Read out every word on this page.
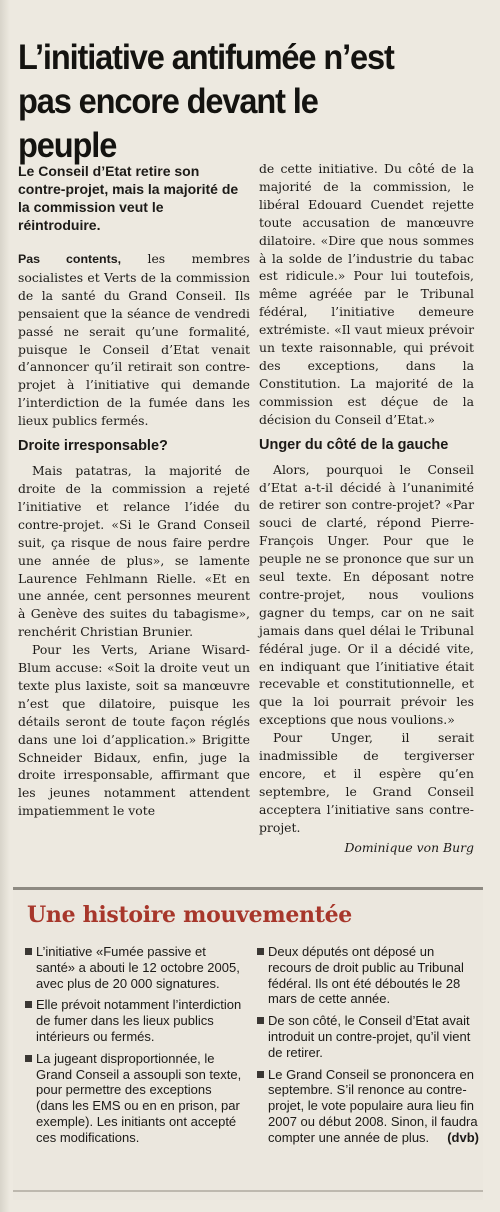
L’initiative antifumée n’est pas encore devant le peuple

Le Conseil d’Etat retire son contre-projet, mais la majorité de la commission veut le réintroduire.

Pas contents, les membres socialistes et Verts de la commission de la santé du Grand Conseil. Ils pensaient que la séance de vendredi passé ne serait qu’une formalité, puisque le Conseil d’Etat venait d’annoncer qu’il retirait son contre-projet à l’initiative qui demande l’interdiction de la fumée dans les lieux publics fermés.

Droite irresponsable?

Mais patatras, la majorité de droite de la commission a rejeté l’initiative et relance l’idée du contre-projet. «Si le Grand Conseil suit, ça risque de nous faire perdre une année de plus», se lamente Laurence Fehlmann Rielle. «Et en une année, cent personnes meurent à Genève des suites du tabagisme», renchérit Christian Brunier.

Pour les Verts, Ariane Wisard-Blum accuse: «Soit la droite veut un texte plus laxiste, soit sa manœuvre n’est que dilatoire, puisque les détails seront de toute façon réglés dans une loi d’application.» Brigitte Schneider Bidaux, enfin, juge la droite irresponsable, affirmant que les jeunes notamment attendent impatiemment le vote

de cette initiative. Du côté de la majorité de la commission, le libéral Edouard Cuendet rejette toute accusation de manœuvre dilatoire. «Dire que nous sommes à la solde de l’industrie du tabac est ridicule.» Pour lui toutefois, même agréée par le Tribunal fédéral, l’initiative demeure extrémiste. «Il vaut mieux prévoir un texte raisonnable, qui prévoit des exceptions, dans la Constitution. La majorité de la commission est déçue de la décision du Conseil d’Etat.»

Unger du côté de la gauche

Alors, pourquoi le Conseil d’Etat a-t-il décidé à l’unanimité de retirer son contre-projet? «Par souci de clarté, répond Pierre-François Unger. Pour que le peuple ne se prononce que sur un seul texte. En déposant notre contre-projet, nous voulions gagner du temps, car on ne sait jamais dans quel délai le Tribunal fédéral juge. Or il a décidé vite, en indiquant que l’initiative était recevable et constitutionnelle, et que la loi pourrait prévoir les exceptions que nous voulions.»

Pour Unger, il serait inadmissible de tergiverser encore, et il espère qu’en septembre, le Grand Conseil acceptera l’initiative sans contre-projet.

Dominique von Burg
Une histoire mouvementée

L’initiative «Fumée passive et santé» a abouti le 12 octobre 2005, avec plus de 20 000 signatures.

Elle prévoit notamment l’interdiction de fumer dans les lieux publics intérieurs ou fermés.

La jugeant disproportionnée, le Grand Conseil a assoupli son texte, pour permettre des exceptions (dans les EMS ou en en prison, par exemple). Les initiants ont accepté ces modifications.

Deux députés ont déposé un recours de droit public au Tribunal fédéral. Ils ont été déboutés le 28 mars de cette année.

De son côté, le Conseil d’Etat avait introduit un contre-projet, qu’il vient de retirer.

Le Grand Conseil se prononcera en septembre. S’il renonce au contre-projet, le vote populaire aura lieu fin 2007 ou début 2008. Sinon, il faudra compter une année de plus. (dvb)
